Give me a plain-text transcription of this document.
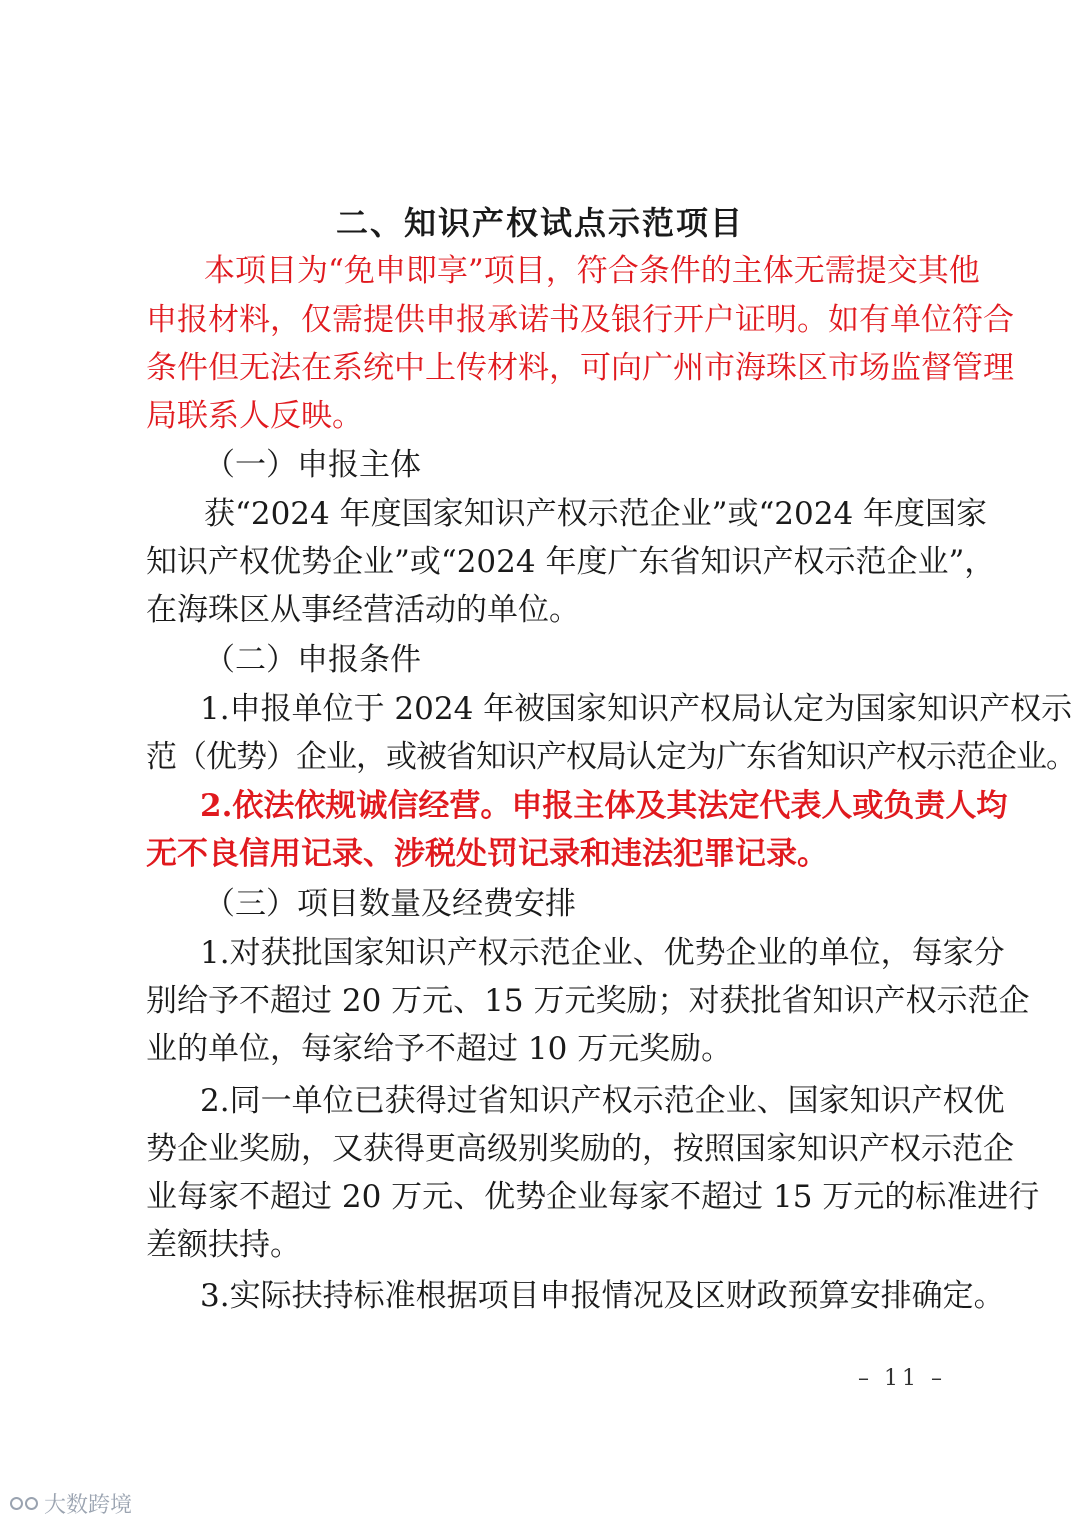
二、知识产权试点示范项目
本项目为“免申即享”项目，符合条件的主体无需提交其他
申报材料，仅需提供申报承诺书及银行开户证明。如有单位符合
条件但无法在系统中上传材料，可向广州市海珠区市场监督管理
局联系人反映。
（一）申报主体
获“2024 年度国家知识产权示范企业”或“2024 年度国家
知识产权优势企业”或“2024 年度广东省知识产权示范企业”，
在海珠区从事经营活动的单位。
（二）申报条件
1.申报单位于 2024 年被国家知识产权局认定为国家知识产权示
范（优势）企业，或被省知识产权局认定为广东省知识产权示范企业。
2.依法依规诚信经营。申报主体及其法定代表人或负责人均
无不良信用记录、涉税处罚记录和违法犯罪记录。
（三）项目数量及经费安排
1.对获批国家知识产权示范企业、优势企业的单位，每家分
别给予不超过 20 万元、15 万元奖励；对获批省知识产权示范企
业的单位，每家给予不超过 10 万元奖励。
2.同一单位已获得过省知识产权示范企业、国家知识产权优
势企业奖励，又获得更高级别奖励的，按照国家知识产权示范企
业每家不超过 20 万元、优势企业每家不超过 15 万元的标准进行
差额扶持。
3.实际扶持标准根据项目申报情况及区财政预算安排确定。
– 11 –
大数跨境
